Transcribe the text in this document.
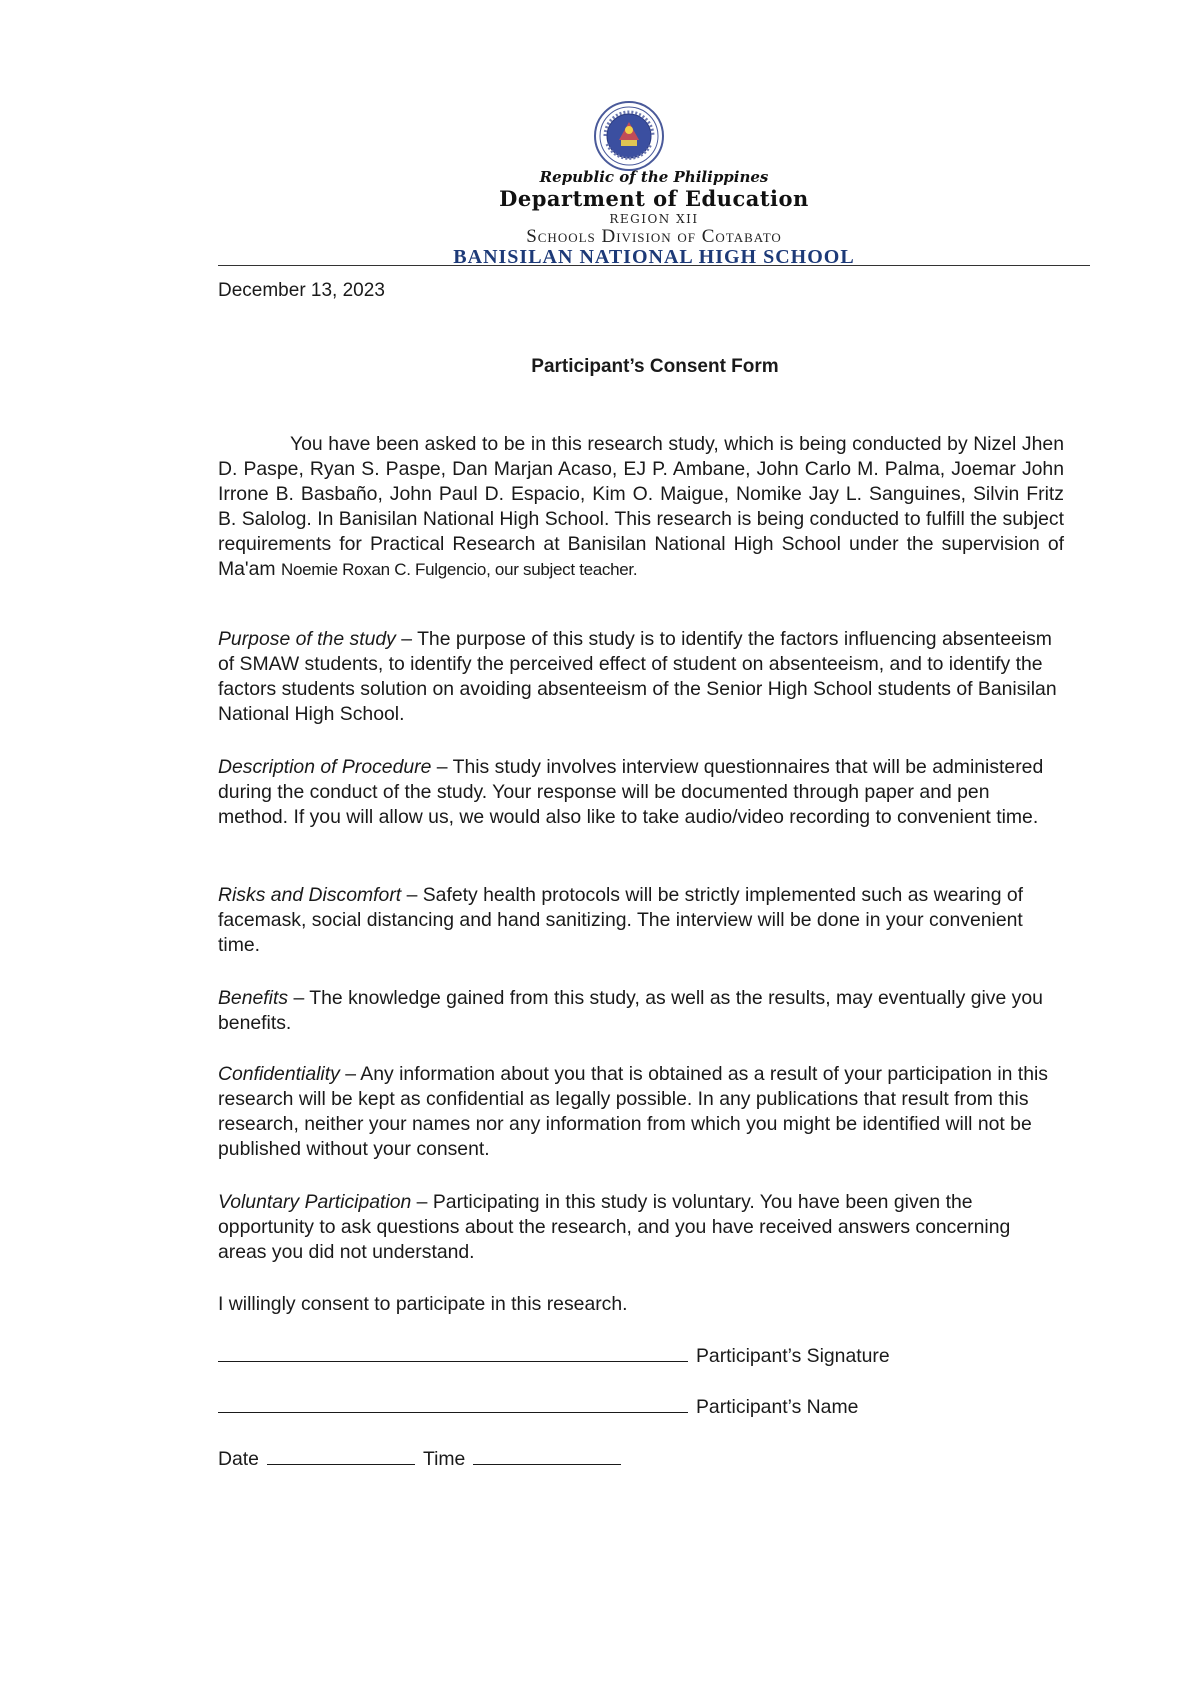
Republic of the Philippines
Department of Education
REGION XII
Schools Division of Cotabato
BANISILAN NATIONAL HIGH SCHOOL
December 13, 2023
Participant’s Consent Form

You have been asked to be in this research study, which is being conducted by Nizel Jhen D. Paspe, Ryan S. Paspe, Dan Marjan Acaso, EJ P. Ambane, John Carlo M. Palma, Joemar John Irrone B. Basbaño, John Paul D. Espacio, Kim O. Maigue, Nomike Jay L. Sanguines, Silvin Fritz B. Salolog. In Banisilan National High School. This research is being conducted to fulfill the subject requirements for Practical Research at Banisilan National High School under the supervision of Ma'am Noemie Roxan C. Fulgencio, our subject teacher.

Purpose of the study – The purpose of this study is to identify the factors influencing absenteeism of SMAW students, to identify the perceived effect of student on absenteeism, and to identify the factors students solution on avoiding absenteeism of the Senior High School students of Banisilan National High School.

Description of Procedure – This study involves interview questionnaires that will be administered during the conduct of the study. Your response will be documented through paper and pen method. If you will allow us, we would also like to take audio/video recording to convenient time.

Risks and Discomfort – Safety health protocols will be strictly implemented such as wearing of facemask, social distancing and hand sanitizing. The interview will be done in your convenient time.

Benefits – The knowledge gained from this study, as well as the results, may eventually give you benefits.

Confidentiality – Any information about you that is obtained as a result of your participation in this research will be kept as confidential as legally possible. In any publications that result from this research, neither your names nor any information from which you might be identified will not be published without your consent.

Voluntary Participation – Participating in this study is voluntary. You have been given the opportunity to ask questions about the research, and you have received answers concerning areas you did not understand.

I willingly consent to participate in this research.

Participant’s Signature
Participant’s Name
Date	Time
